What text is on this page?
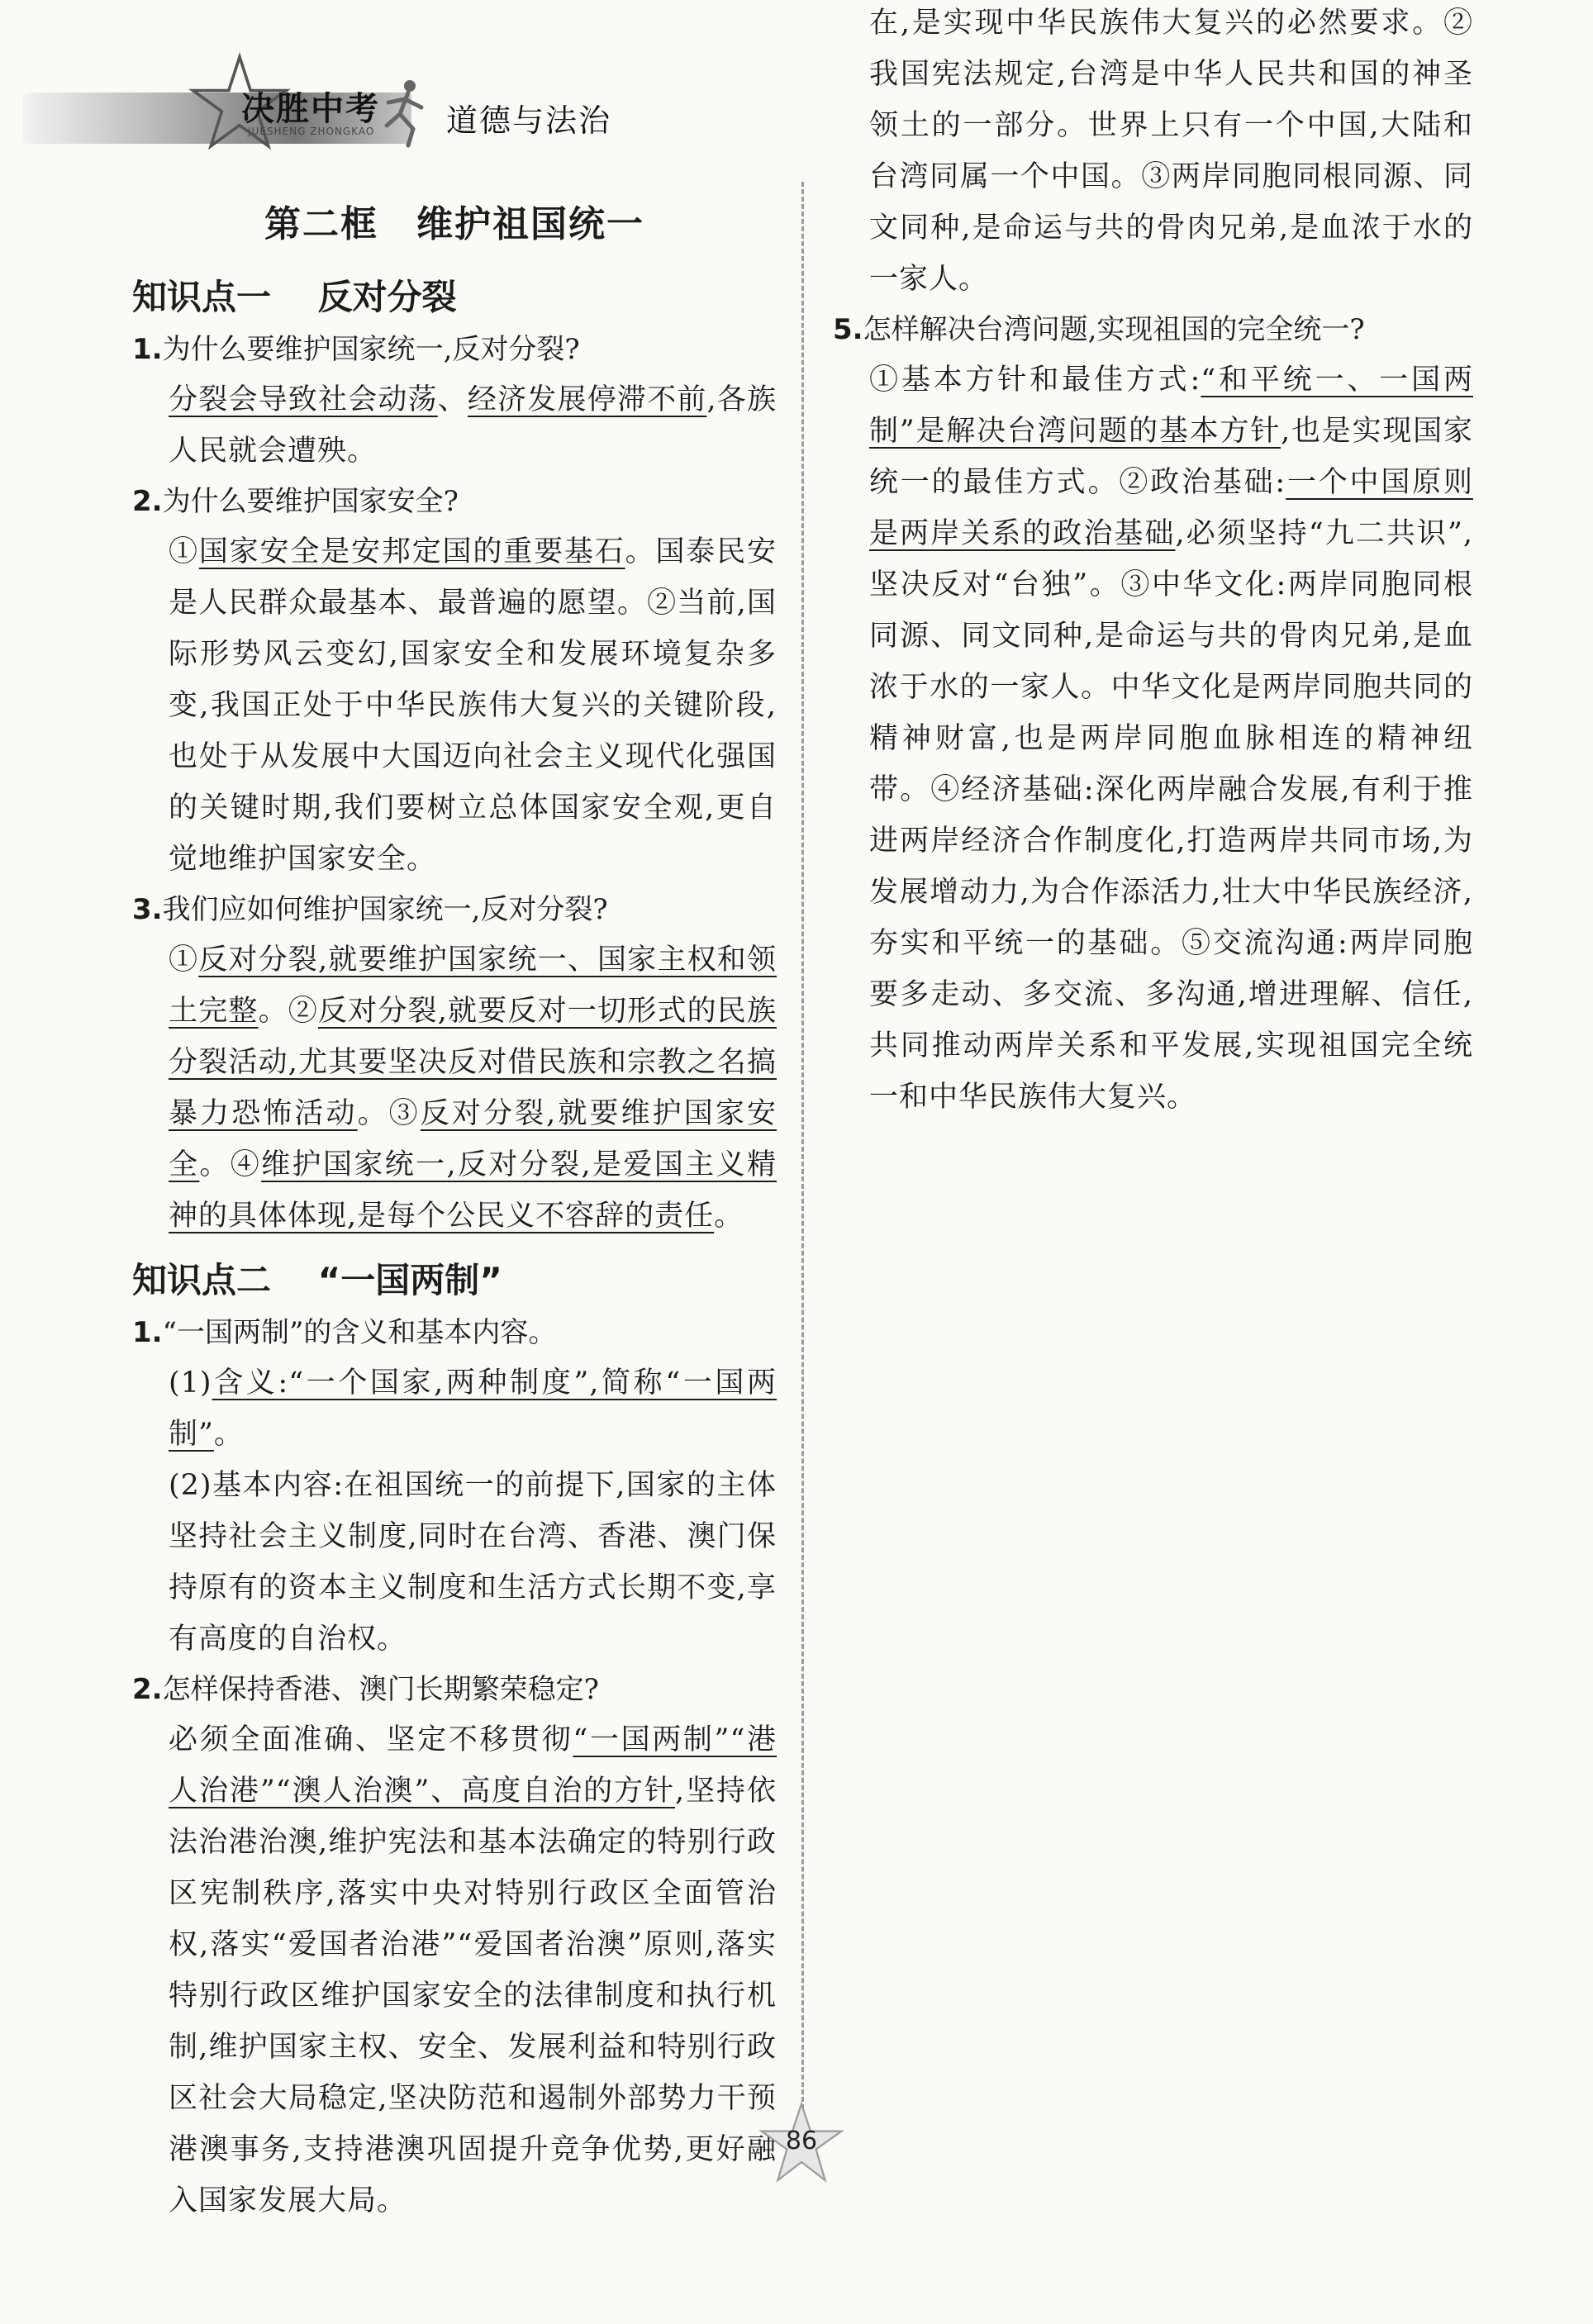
决胜中考
JUESHENG ZHONGKAO 道德与法治
第二框　维护祖国统一
知识点一　 反对分裂
1.为什么要维护国家统一,反对分裂?
分裂会导致社会动荡、经济发展停滞不前,各族人民就会遭殃。
2.为什么要维护国家安全?
①国家安全是安邦定国的重要基石。国泰民安是人民群众最基本、最普遍的愿望。②当前,国际形势风云变幻,国家安全和发展环境复杂多变,我国正处于中华民族伟大复兴的关键阶段,也处于从发展中大国迈向社会主义现代化强国的关键时期,我们要树立总体国家安全观,更自觉地维护国家安全。
3.我们应如何维护国家统一,反对分裂?
①反对分裂,就要维护国家统一、国家主权和领土完整。②反对分裂,就要反对一切形式的民族分裂活动,尤其要坚决反对借民族和宗教之名搞暴力恐怖活动。③反对分裂,就要维护国家安全。④维护国家统一,反对分裂,是爱国主义精神的具体体现,是每个公民义不容辞的责任。
知识点二　 “一国两制”
1.“一国两制”的含义和基本内容。

(1)含义:“一个国家,两种制度”,简称“一国两制”。

(2)基本内容:在祖国统一的前提下,国家的主体坚持社会主义制度,同时在台湾、香港、澳门保持原有的资本主义制度和生活方式长期不变,享有高度的自治权。

2.怎样保持香港、澳门长期繁荣稳定?
必须全面准确、坚定不移贯彻“一国两制”“港人治港”“澳人治澳”、高度自治的方针,坚持依法治港治澳,维护宪法和基本法确定的特别行政区宪制秩序,落实中央对特别行政区全面管治权,落实“爱国者治港”“爱国者治澳”原则,落实特别行政区维护国家安全的法律制度和执行机制,维护国家主权、安全、发展利益和特别行政区社会大局稳定,坚决防范和遏制外部势力干预港澳事务,支持港澳巩固提升竞争优势,更好融入国家发展大局。
在,是实现中华民族伟大复兴的必然要求。②我国宪法规定,台湾是中华人民共和国的神圣领土的一部分。世界上只有一个中国,大陆和台湾同属一个中国。③两岸同胞同根同源、同文同种,是命运与共的骨肉兄弟,是血浓于水的一家人。
5.怎样解决台湾问题,实现祖国的完全统一?
①基本方针和最佳方式:“和平统一、一国两制”是解决台湾问题的基本方针,也是实现国家统一的最佳方式。②政治基础:一个中国原则是两岸关系的政治基础,必须坚持“九二共识”,坚决反对“台独”。③中华文化:两岸同胞同根同源、同文同种,是命运与共的骨肉兄弟,是血浓于水的一家人。中华文化是两岸同胞共同的精神财富,也是两岸同胞血脉相连的精神纽带。④经济基础:深化两岸融合发展,有利于推进两岸经济合作制度化,打造两岸共同市场,为发展增动力,为合作添活力,壮大中华民族经济,夯实和平统一的基础。⑤交流沟通:两岸同胞要多走动、多交流、多沟通,增进理解、信任,共同推动两岸关系和平发展,实现祖国完全统一和中华民族伟大复兴。
86
